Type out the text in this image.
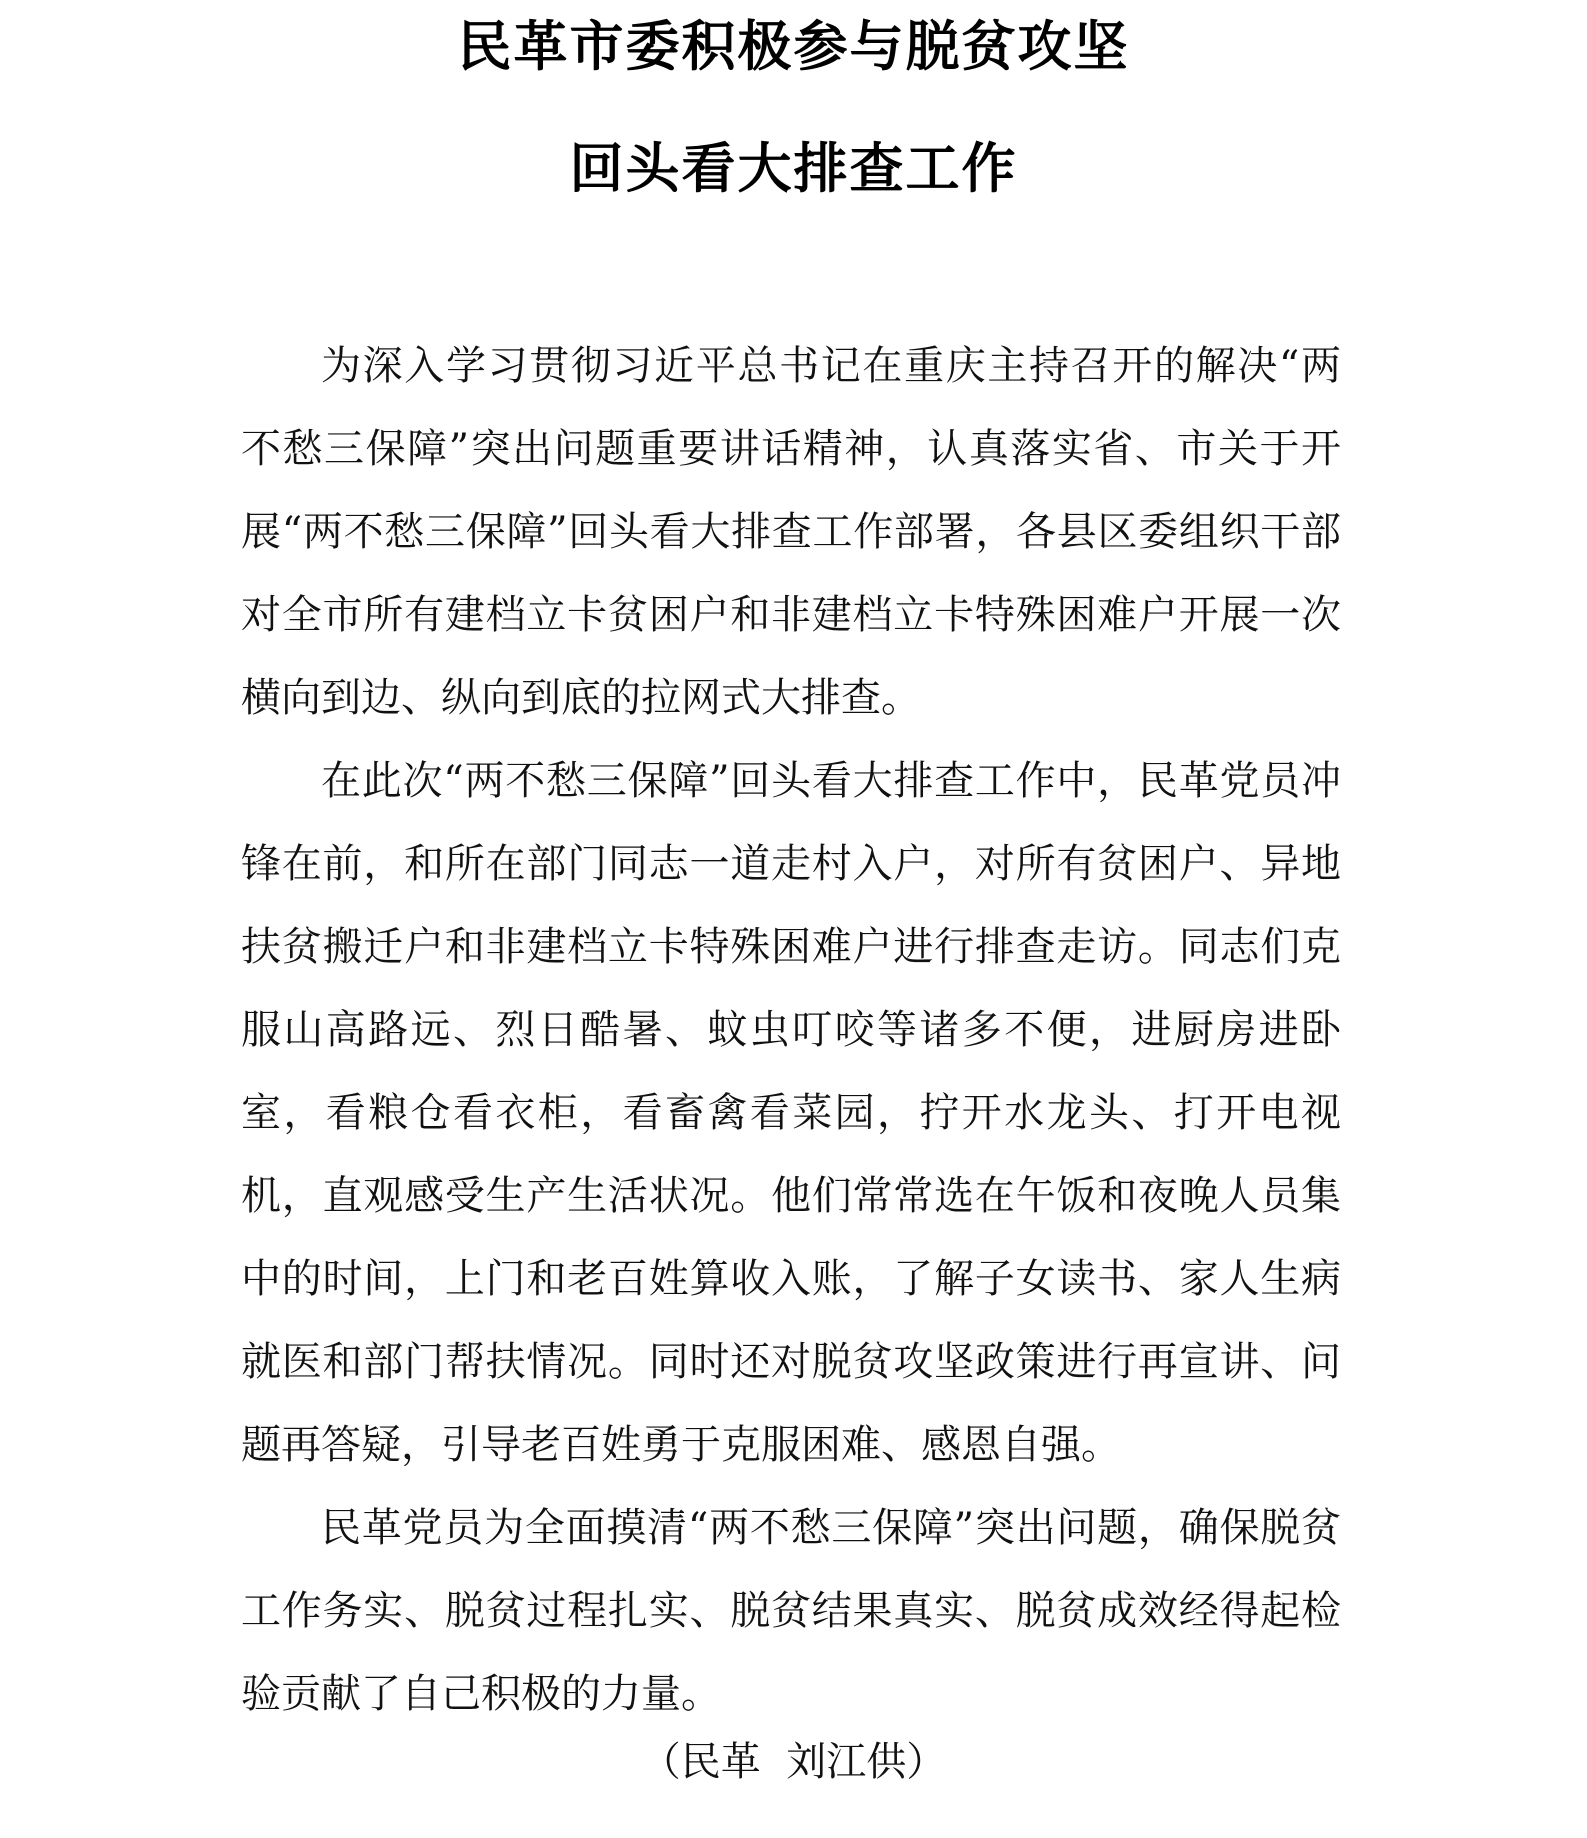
民革市委积极参与脱贫攻坚
回头看大排查工作

为深入学习贯彻习近平总书记在重庆主持召开的解决“两不愁三保障”突出问题重要讲话精神，认真落实省、市关于开展“两不愁三保障”回头看大排查工作部署，各县区委组织干部对全市所有建档立卡贫困户和非建档立卡特殊困难户开展一次横向到边、纵向到底的拉网式大排查。

在此次“两不愁三保障”回头看大排查工作中，民革党员冲锋在前，和所在部门同志一道走村入户，对所有贫困户、异地扶贫搬迁户和非建档立卡特殊困难户进行排查走访。同志们克服山高路远、烈日酷暑、蚊虫叮咬等诸多不便，进厨房进卧室，看粮仓看衣柜，看畜禽看菜园，拧开水龙头、打开电视机，直观感受生产生活状况。他们常常选在午饭和夜晚人员集中的时间，上门和老百姓算收入账，了解子女读书、家人生病就医和部门帮扶情况。同时还对脱贫攻坚政策进行再宣讲、问题再答疑，引导老百姓勇于克服困难、感恩自强。

民革党员为全面摸清“两不愁三保障”突出问题，确保脱贫工作务实、脱贫过程扎实、脱贫结果真实、脱贫成效经得起检验贡献了自己积极的力量。

（民革  刘江供）
